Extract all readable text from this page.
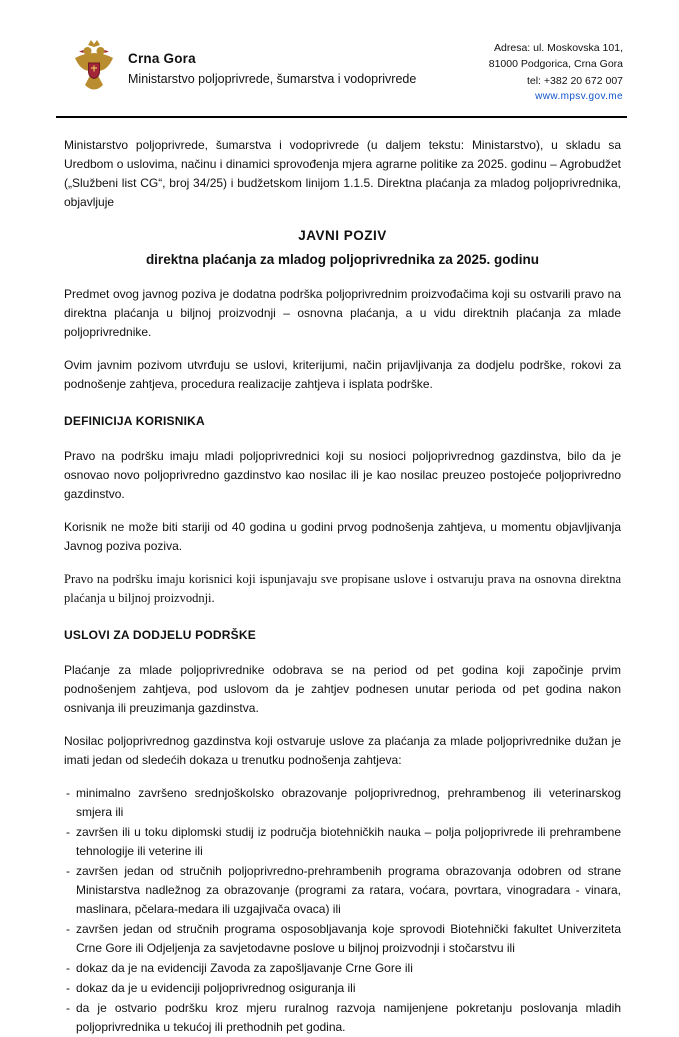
Crna Gora
Ministarstvo poljoprivrede, šumarstva i vodoprivrede
Adresa: ul. Moskovska 101,
81000 Podgorica, Crna Gora
tel: +382 20 672 007
www.mpsv.gov.me

Ministarstvo poljoprivrede, šumarstva i vodoprivrede (u daljem tekstu: Ministarstvo), u skladu sa Uredbom o uslovima, načinu i dinamici sprovođenja mjera agrarne politike za 2025. godinu – Agrobudžet („Službeni list CG“, broj 34/25) i budžetskom linijom 1.1.5. Direktna plaćanja za mladog poljoprivrednika, objavljuje

JAVNI POZIV
direktna plaćanja za mladog poljoprivrednika za 2025. godinu

Predmet ovog javnog poziva je dodatna podrška poljoprivrednim proizvođačima koji su ostvarili pravo na direktna plaćanja u biljnoj proizvodnji – osnovna plaćanja, a u vidu direktnih plaćanja za mlade poljoprivrednike.

Ovim javnim pozivom utvrđuju se uslovi, kriterijumi, način prijavljivanja za dodjelu podrške, rokovi za podnošenje zahtjeva, procedura realizacije zahtjeva i isplata podrške.

DEFINICIJA KORISNIKA

Pravo na podršku imaju mladi poljoprivrednici koji su nosioci poljoprivrednog gazdinstva, bilo da je osnovao novo poljoprivredno gazdinstvo kao nosilac ili je kao nosilac preuzeo postojeće poljoprivredno gazdinstvo.

Korisnik ne može biti stariji od 40 godina u godini prvog podnošenja zahtjeva, u momentu objavljivanja Javnog poziva poziva.

Pravo na podršku imaju korisnici koji ispunjavaju sve propisane uslove i ostvaruju prava na osnovna direktna plaćanja u biljnoj proizvodnji.

USLOVI ZA DODJELU PODRŠKE

Plaćanje za mlade poljoprivrednike odobrava se na period od pet godina koji započinje prvim podnošenjem zahtjeva, pod uslovom da je zahtjev podnesen unutar perioda od pet godina nakon osnivanja ili preuzimanja gazdinstva.

Nosilac poljoprivrednog gazdinstva koji ostvaruje uslove za plaćanja za mlade poljoprivrednike dužan je imati jedan od sledećih dokaza u trenutku podnošenja zahtjeva:

- minimalno završeno srednjoškolsko obrazovanje poljoprivrednog, prehrambenog ili veterinarskog smjera ili
- završen ili u toku diplomski studij iz područja biotehničkih nauka – polja poljoprivrede ili prehrambene tehnologije ili veterine ili
- završen jedan od stručnih poljoprivredno-prehrambenih programa obrazovanja odobren od strane Ministarstva nadležnog za obrazovanje (programi za ratara, voćara, povrtara, vinogradara - vinara, maslinara, pčelara-medara ili uzgajivača ovaca) ili
- završen jedan od stručnih programa osposobljavanja koje sprovodi Biotehnički fakultet Univerziteta Crne Gore ili Odjeljenja za savjetodavne poslove u biljnoj proizvodnji i stočarstvu ili
- dokaz da je na evidenciji Zavoda za zapošljavanje Crne Gore ili
- dokaz da je u evidenciji poljoprivrednog osiguranja ili
- da je ostvario podršku kroz mjeru ruralnog razvoja namijenjene pokretanju poslovanja mladih poljoprivrednika u tekućoj ili prethodnih pet godina.
